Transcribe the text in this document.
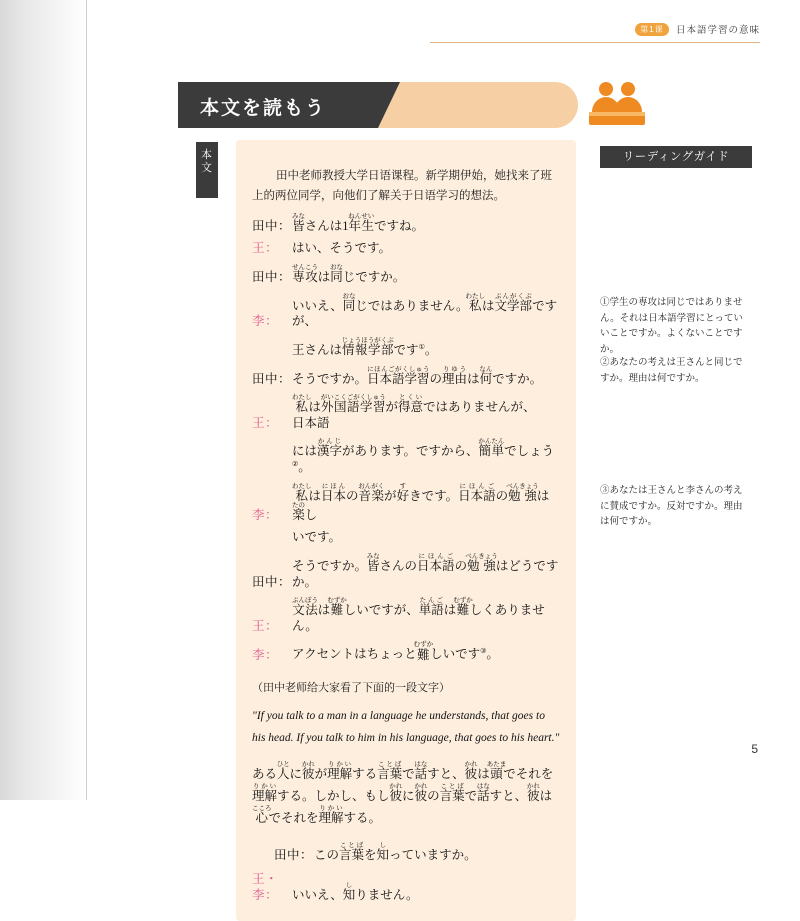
第1课	日本語学習の意味
本文を読もう
本文

田中老师教授大学日语课程。新学期伊始，她找来了班上的两位同学，向他们了解关于日语学习的想法。

田中： 皆みなさんは1年生ねんせいですね。
王：	はい、そうです。
田中： 専攻せんこうは同おなじですか。
李：
いいえ、同おなじではありません。私わたしは文学部ぶんがくぶですが、
王 さんは情報学部じょうほうがくぶです①。
田中： そうですか。日本語学習にほんごがくしゅうの理由りゆうは何なんですか。
王：
私わたしは外国語学習がいこくごがくしゅうが得意とくいではありませんが、日本語
には漢字かんじがあります。ですから、簡単かんたんでしょう②。
李：
私わたしは日本にほんの音楽おんがくが好すきです。日本語にほんごの勉強べんきょうは楽たのし
いです。
田中：
そうですか。皆みなさんの日本語にほんごの勉強べんきょうはどうですか。
王：
文法ぶんぽうは難むずかしいですが、単語たんごは難むずかしくありません。
李：	アクセントはちょっと難むずかしいです③。

（田中老师给大家看了下面的一段文字）

"If you talk to a man in a language he understands, that goes to his head. If you talk to him in his language, that goes to his heart."

ある人ひとに彼かれが理解りかいする言葉ことばで話はなすと、彼かれは頭あたまでそれを理解りかいする。しかし、もし彼かれに彼かれの言葉ことばで話はなすと、彼かれは心こころでそれを理解りかいする。

田中： この言葉ことばを知しっていますか。
王・李：	いいえ、知しりません。
リーディングガイド
①学生の専攻は同じではありません。それは日本語学習にとっていいことですか。よくないことですか。
②あなたの考えは王さんと同じですか。理由は何ですか。
③あなたは王さんと李さんの考えに賛成ですか。反対ですか。理由は何ですか。
5
